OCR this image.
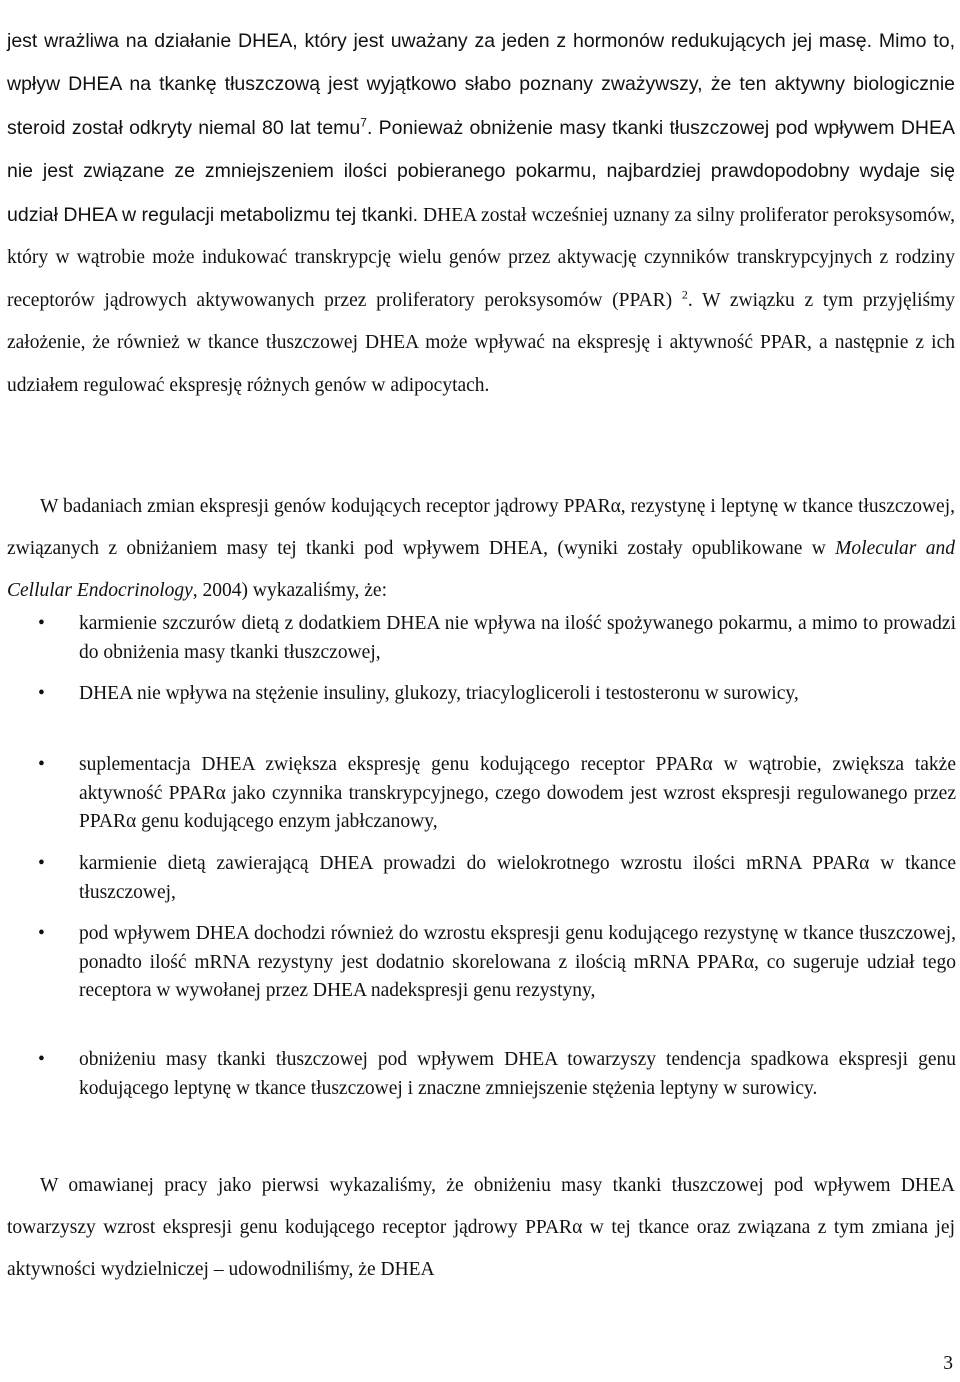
jest wrażliwa na działanie DHEA, który jest uważany za jeden z hormonów redukujących jej masę. Mimo to, wpływ DHEA na tkankę tłuszczową jest wyjątkowo słabo poznany zważywszy, że ten aktywny biologicznie steroid został odkryty niemal 80 lat temu$^7$. Ponieważ obniżenie masy tkanki tłuszczowej pod wpływem DHEA nie jest związane ze zmniejszeniem ilości pobieranego pokarmu, najbardziej prawdopodobny wydaje się udział DHEA w regulacji metabolizmu tej tkanki. DHEA został wcześniej uznany za silny proliferator peroksysomów, który w wątrobie może indukować transkrypcję wielu genów przez aktywację czynników transkrypcyjnych z rodziny receptorów jądrowych aktywowanych przez proliferatory peroksysomów (PPAR) $^2$. W związku z tym przyjęliśmy założenie, że również w tkance tłuszczowej DHEA może wpływać na ekspresję i aktywność PPAR, a następnie z ich udziałem regulować ekspresję różnych genów w adipocytach.

W badaniach zmian ekspresji genów kodujących receptor jądrowy PPARα, rezystynę i leptynę w tkance tłuszczowej, związanych z obniżaniem masy tej tkanki pod wpływem DHEA, (wyniki zostały opublikowane w Molecular and Cellular Endocrinology, 2004) wykazaliśmy, że:

• karmienie szczurów dietą z dodatkiem DHEA nie wpływa na ilość spożywanego pokarmu, a mimo to prowadzi do obniżenia masy tkanki tłuszczowej,
• DHEA nie wpływa na stężenie insuliny, glukozy, triacylogliceroli i testosteronu w surowicy,
• suplementacja DHEA zwiększa ekspresję genu kodującego receptor PPARα w wątrobie, zwiększa także aktywność PPARα jako czynnika transkrypcyjnego, czego dowodem jest wzrost ekspresji regulowanego przez PPARα genu kodującego enzym jabłczanowy,
• karmienie dietą zawierającą DHEA prowadzi do wielokrotnego wzrostu ilości mRNA PPARα w tkance tłuszczowej,
• pod wpływem DHEA dochodzi również do wzrostu ekspresji genu kodującego rezystynę w tkance tłuszczowej, ponadto ilość mRNA rezystyny jest dodatnio skorelowana z ilością mRNA PPARα, co sugeruje udział tego receptora w wywołanej przez DHEA nadekspresji genu rezystyny,
• obniżeniu masy tkanki tłuszczowej pod wpływem DHEA towarzyszy tendencja spadkowa ekspresji genu kodującego leptynę w tkance tłuszczowej i znaczne zmniejszenie stężenia leptyny w surowicy.

W omawianej pracy jako pierwsi wykazaliśmy, że obniżeniu masy tkanki tłuszczowej pod wpływem DHEA towarzyszy wzrost ekspresji genu kodującego receptor jądrowy PPARα w tej tkance oraz związana z tym zmiana jej aktywności wydzielniczej – udowodniliśmy, że DHEA

3
